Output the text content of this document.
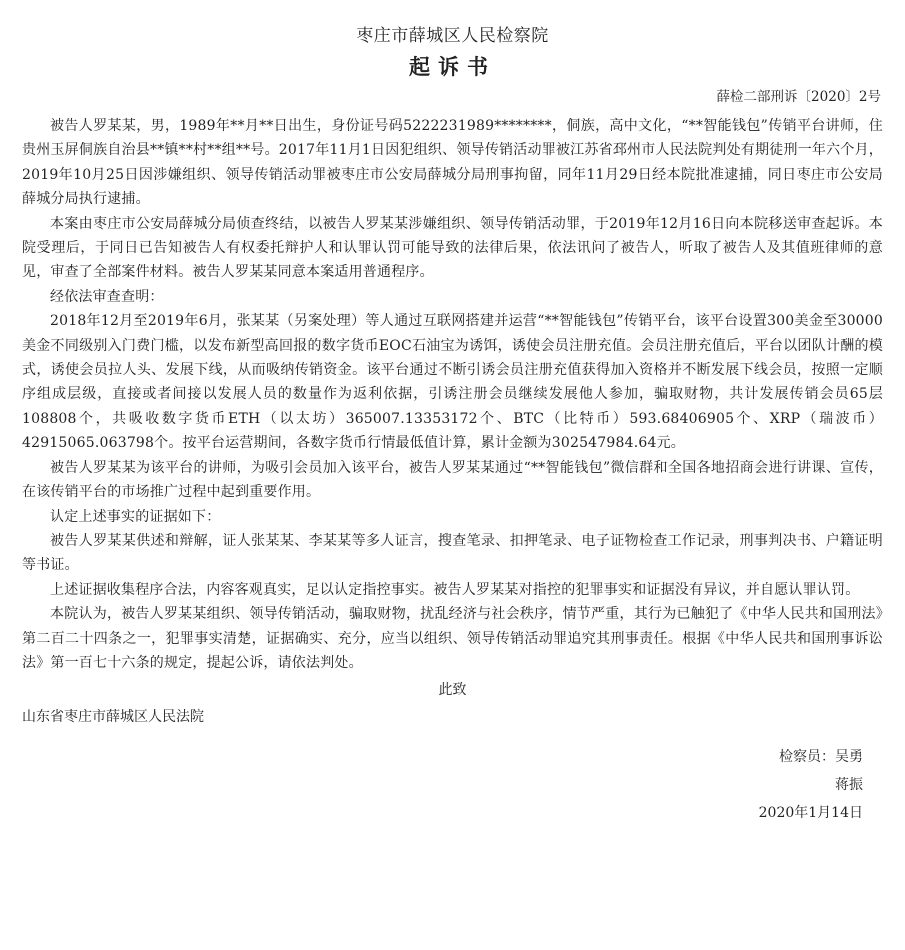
枣庄市薛城区人民检察院
起诉书
薛检二部刑诉〔2020〕2号

被告人罗某某，男，1989年**月**日出生，身份证号码5222231989********，侗族，高中文化，“**智能钱包”传销平台讲师，住贵州玉屏侗族自治县**镇**村**组**号。2017年11月1日因犯组织、领导传销活动罪被江苏省邳州市人民法院判处有期徒刑一年六个月，2019年10月25日因涉嫌组织、领导传销活动罪被枣庄市公安局薛城分局刑事拘留，同年11月29日经本院批准逮捕，同日枣庄市公安局薛城分局执行逮捕。

本案由枣庄市公安局薛城分局侦查终结，以被告人罗某某涉嫌组织、领导传销活动罪，于2019年12月16日向本院移送审查起诉。本院受理后，于同日已告知被告人有权委托辩护人和认罪认罚可能导致的法律后果，依法讯问了被告人，听取了被告人及其值班律师的意见，审查了全部案件材料。被告人罗某某同意本案适用普通程序。

经依法审查查明：

2018年12月至2019年6月，张某某（另案处理）等人通过互联网搭建并运营“**智能钱包”传销平台，该平台设置300美金至30000美金不同级别入门费门槛，以发布新型高回报的数字货币EOC石油宝为诱饵，诱使会员注册充值。会员注册充值后，平台以团队计酬的模式，诱使会员拉人头、发展下线，从而吸纳传销资金。该平台通过不断引诱会员注册充值获得加入资格并不断发展下线会员，按照一定顺序组成层级，直接或者间接以发展人员的数量作为返利依据，引诱注册会员继续发展他人参加，骗取财物，共计发展传销会员65层108808个，共吸收数字货币ETH（以太坊）365007.13353172个、BTC（比特币）593.68406905个、XRP（瑞波币）42915065.063798个。按平台运营期间，各数字货币行情最低值计算，累计金额为302547984.64元。

被告人罗某某为该平台的讲师，为吸引会员加入该平台，被告人罗某某通过“**智能钱包”微信群和全国各地招商会进行讲课、宣传，在该传销平台的市场推广过程中起到重要作用。

认定上述事实的证据如下：

被告人罗某某供述和辩解，证人张某某、李某某等多人证言，搜查笔录、扣押笔录、电子证物检查工作记录，刑事判决书、户籍证明等书证。

上述证据收集程序合法，内容客观真实，足以认定指控事实。被告人罗某某对指控的犯罪事实和证据没有异议，并自愿认罪认罚。

本院认为，被告人罗某某组织、领导传销活动，骗取财物，扰乱经济与社会秩序，情节严重，其行为已触犯了《中华人民共和国刑法》第二百二十四条之一，犯罪事实清楚，证据确实、充分，应当以组织、领导传销活动罪追究其刑事责任。根据《中华人民共和国刑事诉讼法》第一百七十六条的规定，提起公诉，请依法判处。

此致
山东省枣庄市薛城区人民法院
检察员：吴勇
蒋振
2020年1月14日
